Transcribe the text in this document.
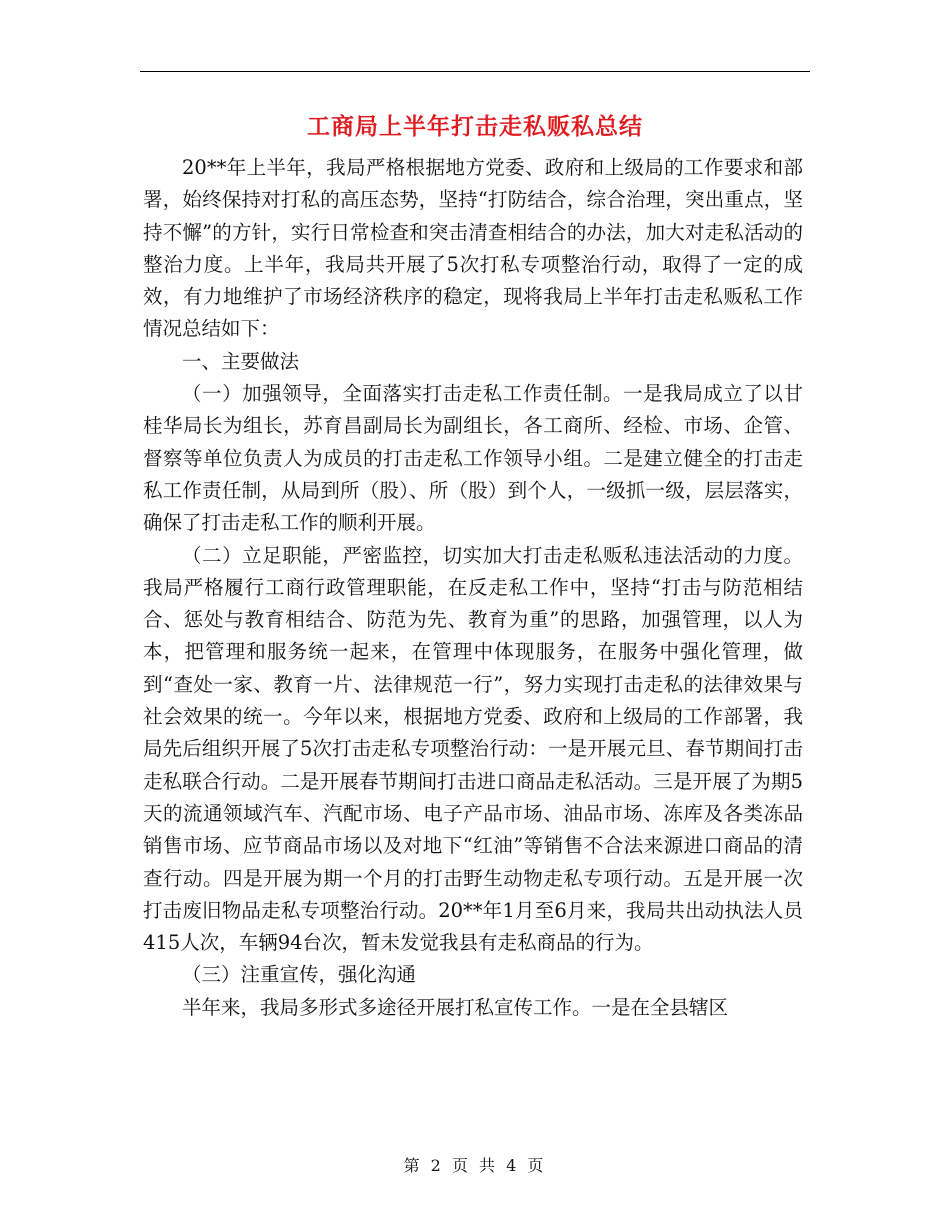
工商局上半年打击走私贩私总结

20**年上半年，我局严格根据地方党委、政府和上级局的工作要求和部署，始终保持对打私的高压态势，坚持“打防结合，综合治理，突出重点，坚持不懈”的方针，实行日常检查和突击清查相结合的办法，加大对走私活动的整治力度。上半年，我局共开展了5次打私专项整治行动，取得了一定的成效，有力地维护了市场经济秩序的稳定，现将我局上半年打击走私贩私工作情况总结如下：

一、主要做法

（一）加强领导，全面落实打击走私工作责任制。一是我局成立了以甘桂华局长为组长，苏育昌副局长为副组长，各工商所、经检、市场、企管、督察等单位负责人为成员的打击走私工作领导小组。二是建立健全的打击走私工作责任制，从局到所（股）、所（股）到个人，一级抓一级，层层落实，确保了打击走私工作的顺利开展。

（二）立足职能，严密监控，切实加大打击走私贩私违法活动的力度。我局严格履行工商行政管理职能，在反走私工作中，坚持“打击与防范相结合、惩处与教育相结合、防范为先、教育为重”的思路，加强管理，以人为本，把管理和服务统一起来，在管理中体现服务，在服务中强化管理，做到“查处一家、教育一片、法律规范一行”，努力实现打击走私的法律效果与社会效果的统一。今年以来，根据地方党委、政府和上级局的工作部署，我局先后组织开展了5次打击走私专项整治行动：一是开展元旦、春节期间打击走私联合行动。二是开展春节期间打击进口商品走私活动。三是开展了为期5天的流通领域汽车、汽配市场、电子产品市场、油品市场、冻库及各类冻品销售市场、应节商品市场以及对地下“红油”等销售不合法来源进口商品的清查行动。四是开展为期一个月的打击野生动物走私专项行动。五是开展一次打击废旧物品走私专项整治行动。20**年1月至6月来，我局共出动执法人员415人次，车辆94台次，暂未发觉我县有走私商品的行为。

（三）注重宣传，强化沟通

半年来，我局多形式多途径开展打私宣传工作。一是在全县辖区

第 2 页 共 4 页
